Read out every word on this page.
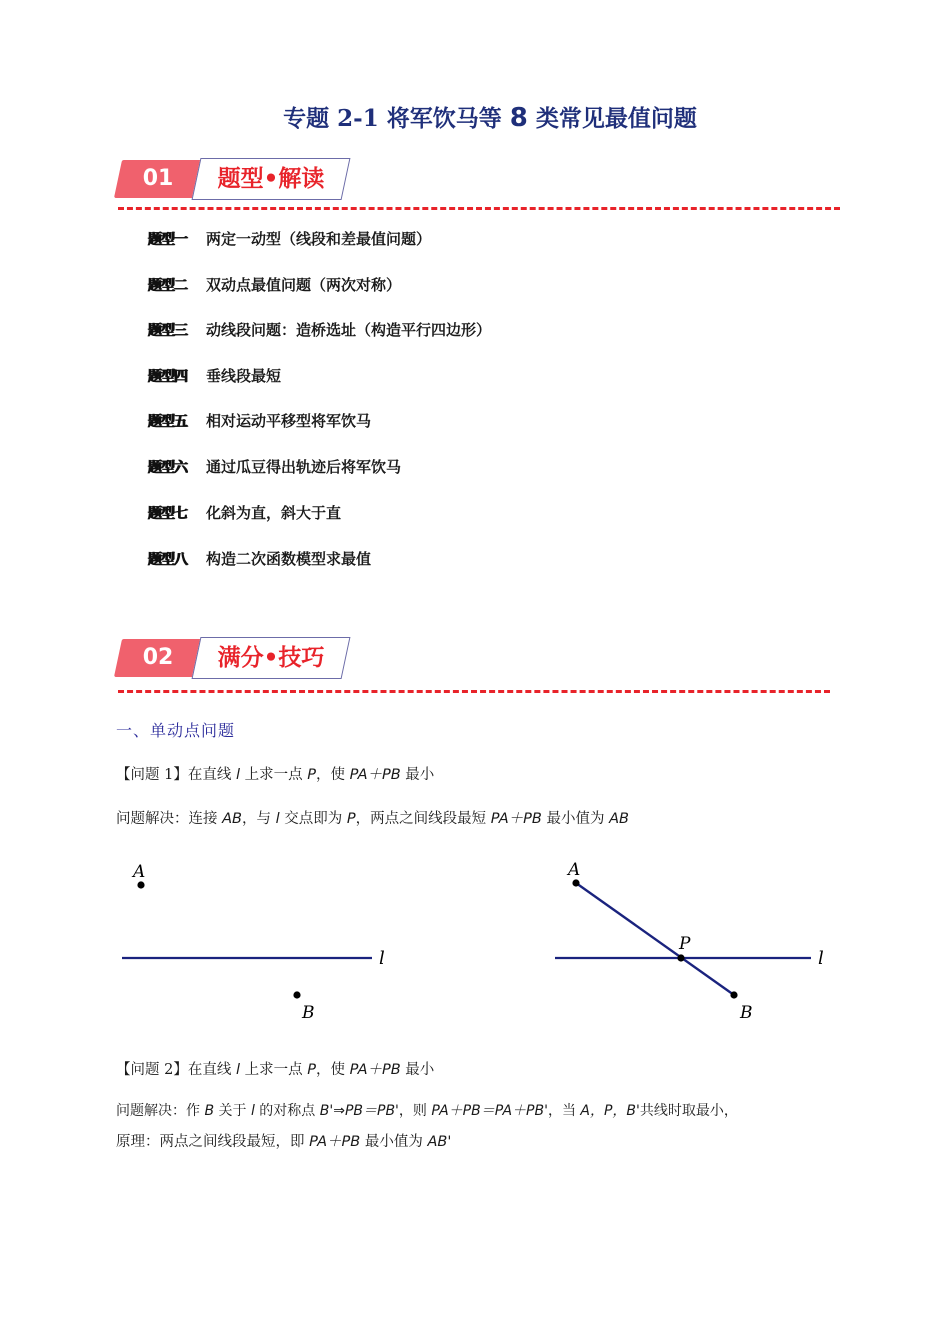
专题 2-1 将军饮马等 8 类常见最值问题
01	题型•解读
题型一 两定一动型（线段和差最值问题）
题型二 双动点最值问题（两次对称）
题型三 动线段问题：造桥选址（构造平行四边形）
题型四 垂线段最短
题型五 相对运动平移型将军饮马
题型六 通过瓜豆得出轨迹后将军饮马
题型七 化斜为直，斜大于直
题型八 构造二次函数模型求最值
02	满分•技巧
一、单动点问题
【问题 1】在直线 l 上求一点 P，使 PA＋PB 最小
问题解决：连接 AB，与 l 交点即为 P，两点之间线段最短 PA＋PB 最小值为 AB
A
B
l
A
P
B
l
【问题 2】在直线 l 上求一点 P，使 PA＋PB 最小
问题解决：作 B 关于 l 的对称点 B'⇒PB＝PB'，则 PA＋PB＝PA＋PB'，当 A，P，B'共线时取最小，
原理：两点之间线段最短，即 PA＋PB 最小值为 AB'
